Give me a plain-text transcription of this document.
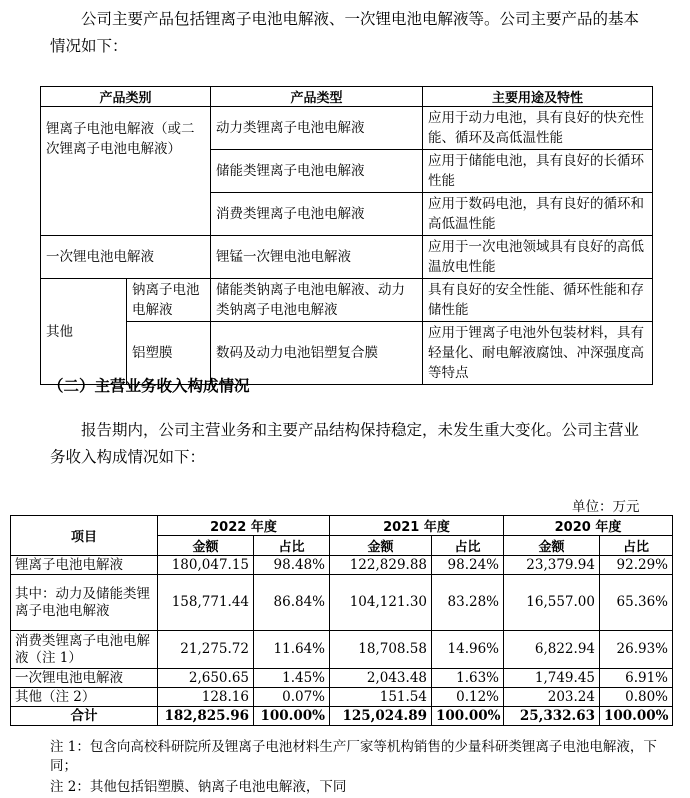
公司主要产品包括锂离子电池电解液、一次锂电池电解液等。公司主要产品的基本情况如下：
产品类别		产品类型	主要用途及特性
锂离子电池电解液（或二次锂离子电池电解液）		动力类锂离子电池电解液	应用于动力电池，具有良好的快充性能、循环及高低温性能
		储能类锂离子电池电解液	应用于储能电池，具有良好的长循环性能
		消费类锂离子电池电解液	应用于数码电池，具有良好的循环和高低温性能
一次锂电池电解液		锂锰一次锂电池电解液	应用于一次电池领域具有良好的高低温放电性能
其他	钠离子电池电解液	储能类钠离子电池电解液、动力类钠离子电池电解液	具有良好的安全性能、循环性能和存储性能
	铝塑膜	数码及动力电池铝塑复合膜	应用于锂离子电池外包装材料，具有轻量化、耐电解液腐蚀、冲深强度高等特点
（二）主营业务收入构成情况
报告期内，公司主营业务和主要产品结构保持稳定，未发生重大变化。公司主营业务收入构成情况如下：
单位：万元
项目	2022 年度		2021 年度		2020 年度	
	金额	占比	金额	占比	金额	占比
锂离子电池电解液	180,047.15	98.48%	122,829.88	98.24%	23,379.94	92.29%
其中：动力及储能类锂离子电池电解液	158,771.44	86.84%	104,121.30	83.28%	16,557.00	65.36%
消费类锂离子电池电解液（注 1）	21,275.72	11.64%	18,708.58	14.96%	6,822.94	26.93%
一次锂电池电解液	2,650.65	1.45%	2,043.48	1.63%	1,749.45	6.91%
其他（注 2）	128.16	0.07%	151.54	0.12%	203.24	0.80%
合计	182,825.96	100.00%	125,024.89	100.00%	25,332.63	100.00%
注 1：包含向高校科研院所及锂离子电池材料生产厂家等机构销售的少量科研类锂离子电池电解液，下同；
注 2：其他包括铝塑膜、钠离子电池电解液，下同
